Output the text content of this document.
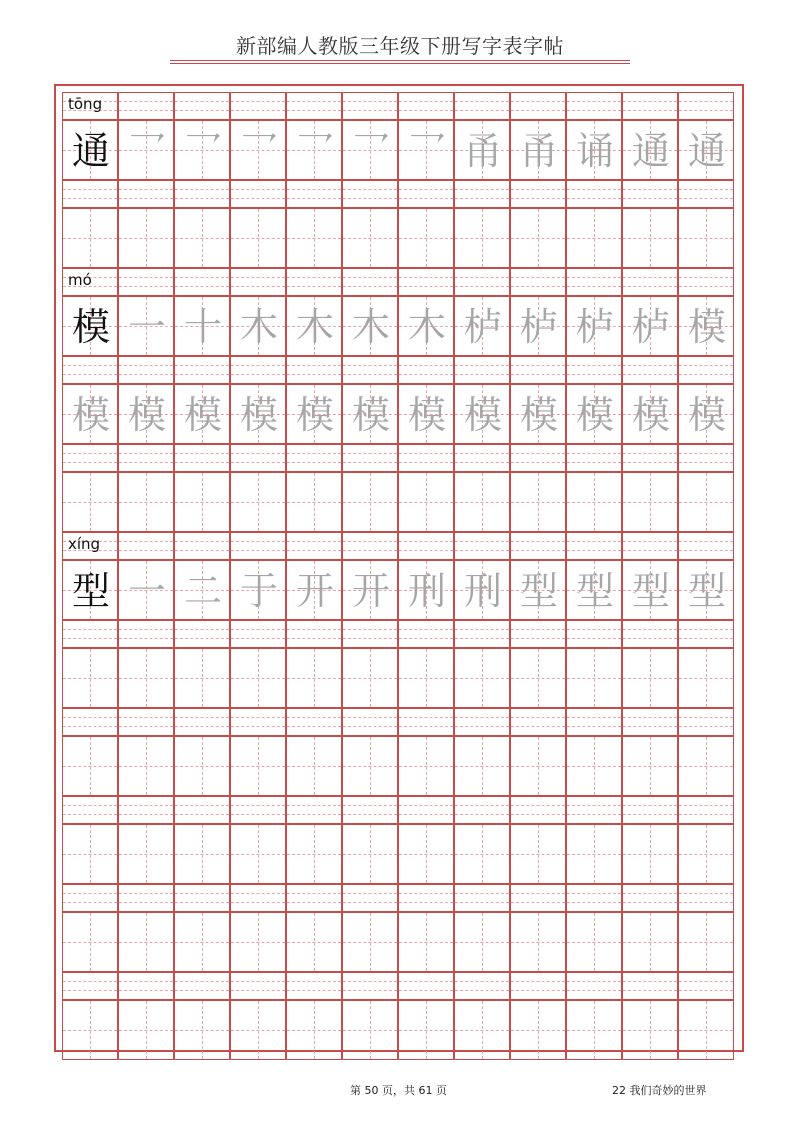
新部编人教版三年级下册写字表字帖
tōng
通 乛 乛 乛 乛 乛 乛 甬 甬 诵 通 通
mó
模 一 十 木 木 木 木 栌 栌 栌 栌 模
模 模 模 模 模 模 模 模 模 模 模 模
xíng
型 一 二 于 开 开 刑 刑 型 型 型 型
第 50 页，共 61 页	22 我们奇妙的世界
